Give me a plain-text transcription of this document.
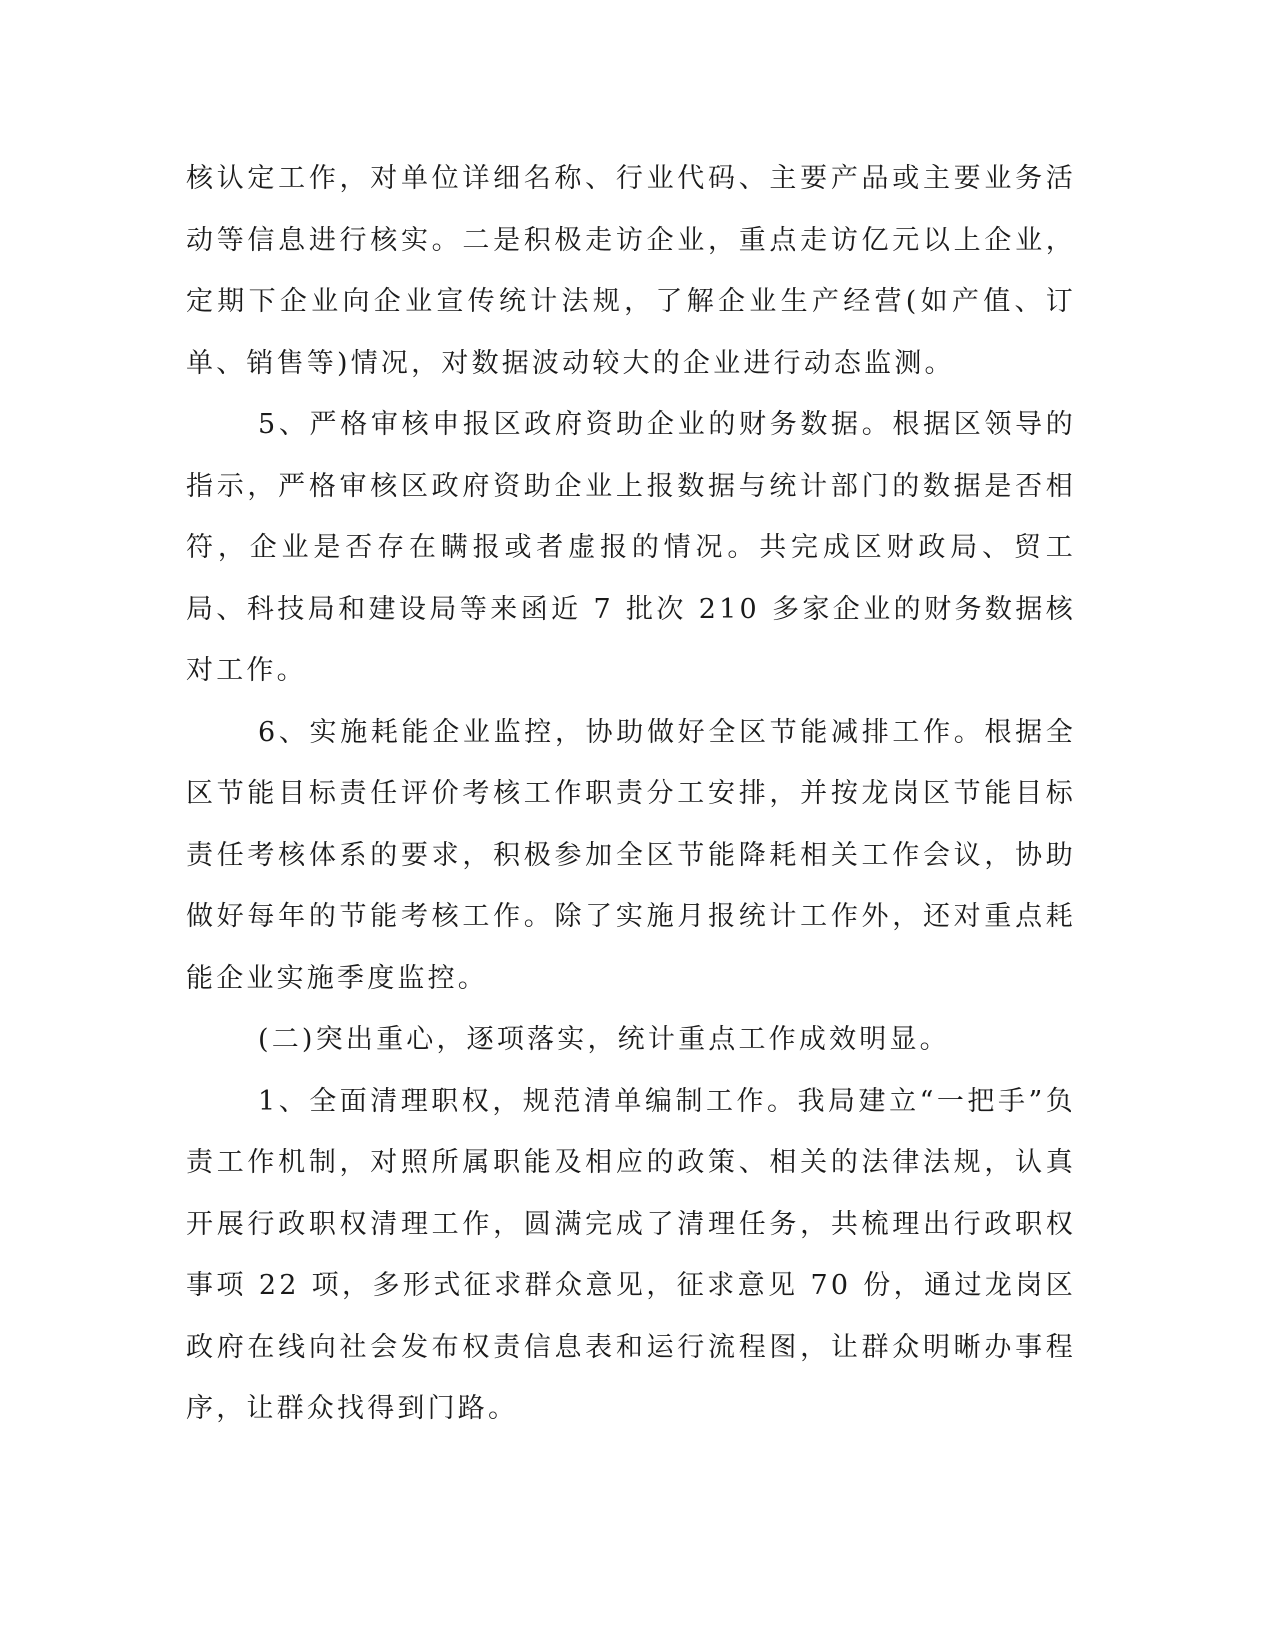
核认定工作，对单位详细名称、行业代码、主要产品或主要业务活动等信息进行核实。二是积极走访企业，重点走访亿元以上企业，定期下企业向企业宣传统计法规，了解企业生产经营(如产值、订单、销售等)情况，对数据波动较大的企业进行动态监测。

5、严格审核申报区政府资助企业的财务数据。根据区领导的指示，严格审核区政府资助企业上报数据与统计部门的数据是否相符，企业是否存在瞒报或者虚报的情况。共完成区财政局、贸工局、科技局和建设局等来函近 7 批次 210 多家企业的财务数据核对工作。

6、实施耗能企业监控，协助做好全区节能减排工作。根据全区节能目标责任评价考核工作职责分工安排，并按龙岗区节能目标责任考核体系的要求，积极参加全区节能降耗相关工作会议，协助做好每年的节能考核工作。除了实施月报统计工作外，还对重点耗能企业实施季度监控。

(二)突出重心，逐项落实，统计重点工作成效明显。

1、全面清理职权，规范清单编制工作。我局建立“一把手”负责工作机制，对照所属职能及相应的政策、相关的法律法规，认真开展行政职权清理工作，圆满完成了清理任务，共梳理出行政职权事项 22 项，多形式征求群众意见，征求意见 70 份，通过龙岗区政府在线向社会发布权责信息表和运行流程图，让群众明晰办事程序，让群众找得到门路。
